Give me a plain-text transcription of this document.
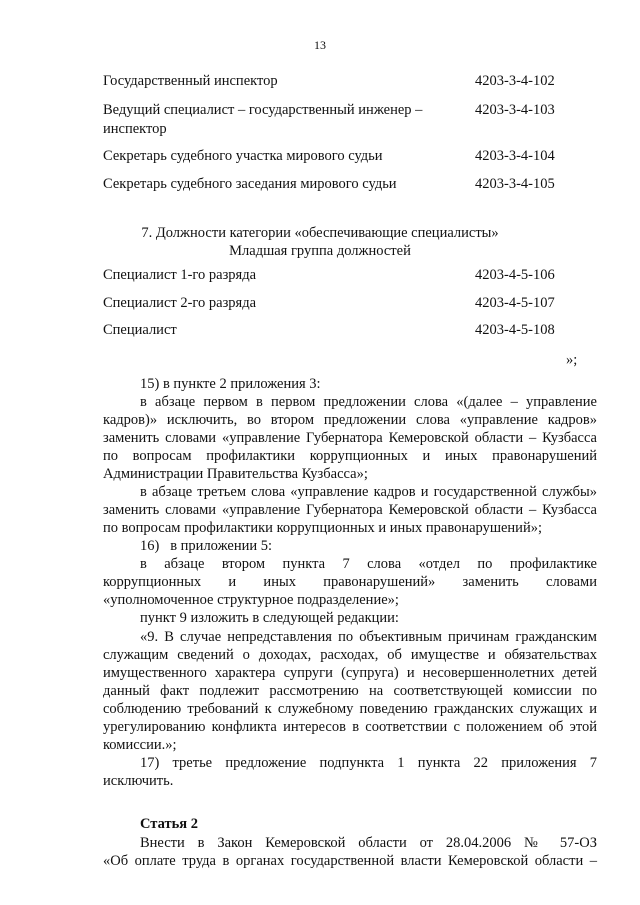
13
Государственный инспектор	4203-3-4-102
Ведущий специалист – государственный инженер –	4203-3-4-103
инспектор
Секретарь судебного участка мирового судьи	4203-3-4-104
Секретарь судебного заседания мирового судьи	4203-3-4-105
7. Должности категории «обеспечивающие специалисты»
Младшая группа должностей
Специалист 1-го разряда	4203-4-5-106
Специалист 2-го разряда	4203-4-5-107
Специалист	4203-4-5-108
»;
15) в пункте 2 приложения 3:
в абзаце первом в первом предложении слова «(далее – управление
кадров)» исключить, во втором предложении слова «управление кадров»
заменить словами «управление Губернатора Кемеровской области – Кузбасса
по вопросам профилактики коррупционных и иных правонарушений
Администрации Правительства Кузбасса»;
в абзаце третьем слова «управление кадров и государственной службы»
заменить словами «управление Губернатора Кемеровской области – Кузбасса
по вопросам профилактики коррупционных и иных правонарушений»;
16)   в приложении 5:
в абзаце втором пункта 7 слова «отдел по профилактике
коррупционных и иных правонарушений» заменить словами
«уполномоченное структурное подразделение»;
пункт 9 изложить в следующей редакции:
«9. В случае непредставления по объективным причинам гражданским
служащим сведений о доходах, расходах, об имуществе и обязательствах
имущественного характера супруги (супруга) и несовершеннолетних детей
данный факт подлежит рассмотрению на соответствующей комиссии по
соблюдению требований к служебному поведению гражданских служащих и
урегулированию конфликта интересов в соответствии с положением об этой
комиссии.»;
17) третье предложение подпункта 1 пункта 22 приложения 7
исключить.
Статья 2
Внести в Закон Кемеровской области от 28.04.2006 № 57-ОЗ
«Об оплате труда в органах государственной власти Кемеровской области –
